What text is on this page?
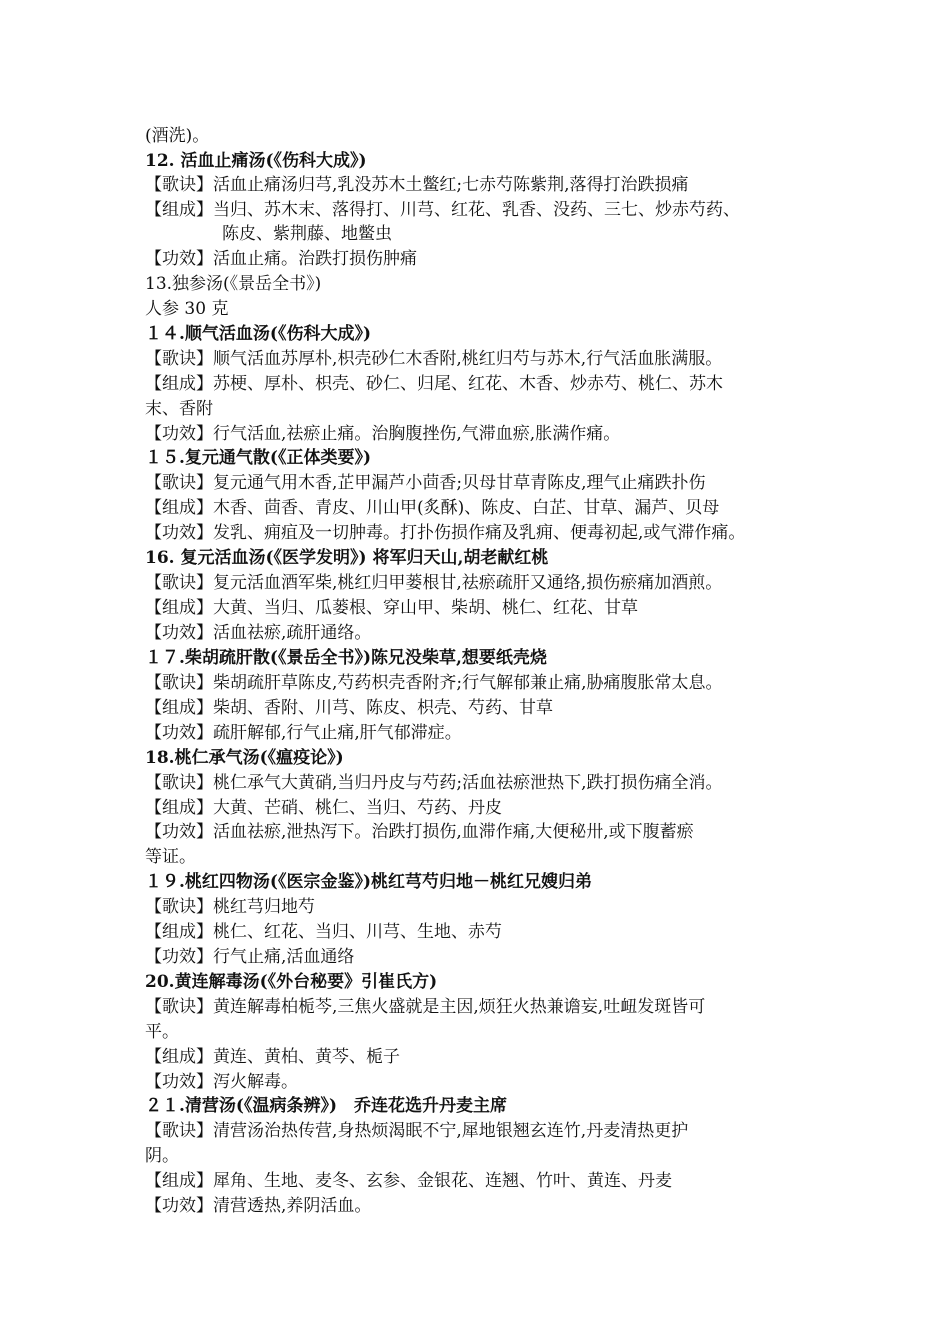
(酒洗)。
12. 活血止痛汤(《伤科大成》)
【歌诀】活血止痛汤归芎,乳没苏木土鳖红;七赤芍陈紫荆,落得打治跌损痛
【组成】当归、苏木末、落得打、川芎、红花、乳香、没药、三七、炒赤芍药、
陈皮、紫荆藤、地鳖虫
【功效】活血止痛。治跌打损伤肿痛
13.独参汤(《景岳全书》)
人参 30 克
１４.顺气活血汤(《伤科大成》)
【歌诀】顺气活血苏厚朴,枳壳砂仁木香附,桃红归芍与苏木,行气活血胀满服。
【组成】苏梗、厚朴、枳壳、砂仁、归尾、红花、木香、炒赤芍、桃仁、苏木
末、香附
【功效】行气活血,祛瘀止痛。治胸腹挫伤,气滞血瘀,胀满作痛。
１５.复元通气散(《正体类要》)
【歌诀】复元通气用木香,芷甲漏芦小茴香;贝母甘草青陈皮,理气止痛跌扑伤
【组成】木香、茴香、青皮、川山甲(炙酥)、陈皮、白芷、甘草、漏芦、贝母
【功效】发乳、痈疽及一切肿毒。打扑伤损作痛及乳痈、便毒初起,或气滞作痛。
16. 复元活血汤(《医学发明》) 将军归天山,胡老献红桃
【歌诀】复元活血酒军柴,桃红归甲蒌根甘,祛瘀疏肝又通络,损伤瘀痛加酒煎。
【组成】大黄、当归、瓜蒌根、穿山甲、柴胡、桃仁、红花、甘草
【功效】活血祛瘀,疏肝通络。
１７.柴胡疏肝散(《景岳全书》)陈兄没柴草,想要纸壳烧
【歌诀】柴胡疏肝草陈皮,芍药枳壳香附齐;行气解郁兼止痛,胁痛腹胀常太息。
【组成】柴胡、香附、川芎、陈皮、枳壳、芍药、甘草
【功效】疏肝解郁,行气止痛,肝气郁滞症。
18.桃仁承气汤(《瘟疫论》)
【歌诀】桃仁承气大黄硝,当归丹皮与芍药;活血祛瘀泄热下,跌打损伤痛全消。
【组成】大黄、芒硝、桃仁、当归、芍药、丹皮
【功效】活血祛瘀,泄热泻下。治跌打损伤,血滞作痛,大便秘卅,或下腹蓄瘀
等证。
１９.桃红四物汤(《医宗金鉴》)桃红芎芍归地－桃红兄嫂归弟
【歌诀】桃红芎归地芍
【组成】桃仁、红花、当归、川芎、生地、赤芍
【功效】行气止痛,活血通络
20.黄连解毒汤(《外台秘要》引崔氏方)
【歌诀】黄连解毒柏栀芩,三焦火盛就是主因,烦狂火热兼谵妄,吐衄发斑皆可
平。
【组成】黄连、黄柏、黄芩、栀子
【功效】泻火解毒。
２１.清营汤(《温病条辨》)　乔连花选升丹麦主席
【歌诀】清营汤治热传营,身热烦渴眠不宁,犀地银翘玄连竹,丹麦清热更护
阴。
【组成】犀角、生地、麦冬、玄参、金银花、连翘、竹叶、黄连、丹麦
【功效】清营透热,养阴活血。
